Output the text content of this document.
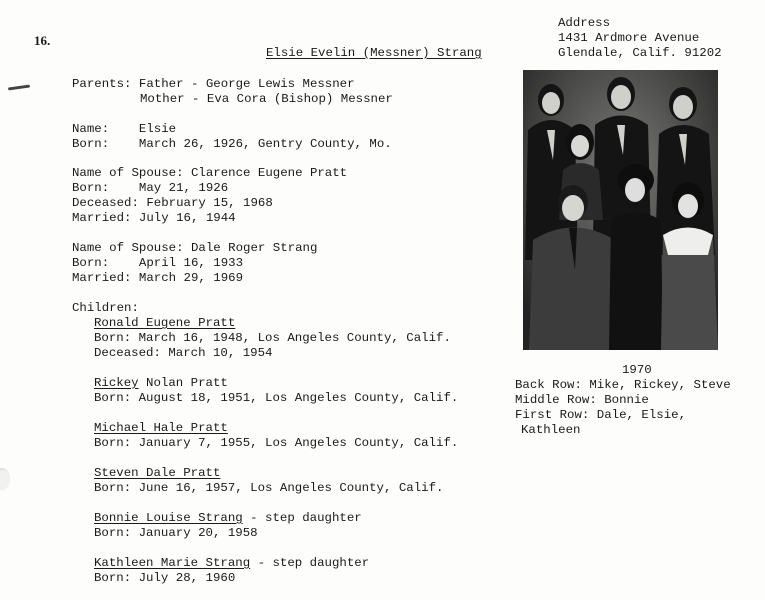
16.
Address
1431 Ardmore Avenue
Glendale, Calif. 91202
Elsie Evelin (Messner) Strang
Parents: Father - George Lewis Messner
Mother - Eva Cora (Bishop) Messner
Name:    Elsie
Born:    March 26, 1926, Gentry County, Mo.
Name of Spouse: Clarence Eugene Pratt
Born:    May 21, 1926
Deceased: February 15, 1968
Married: July 16, 1944
Name of Spouse: Dale Roger Strang
Born:    April 16, 1933
Married: March 29, 1969
Children:
Ronald Eugene Pratt
Born: March 16, 1948, Los Angeles County, Calif.
Deceased: March 10, 1954
Rickey Nolan Pratt
Born: August 18, 1951, Los Angeles County, Calif.
Michael Hale Pratt
Born: January 7, 1955, Los Angeles County, Calif.
Steven Dale Pratt
Born: June 16, 1957, Los Angeles County, Calif.
Bonnie Louise Strang - step daughter
Born: January 20, 1958
Kathleen Marie Strang - step daughter
Born: July 28, 1960
1970
Back Row: Mike, Rickey, Steve
Middle Row: Bonnie
First Row: Dale, Elsie,
Kathleen
